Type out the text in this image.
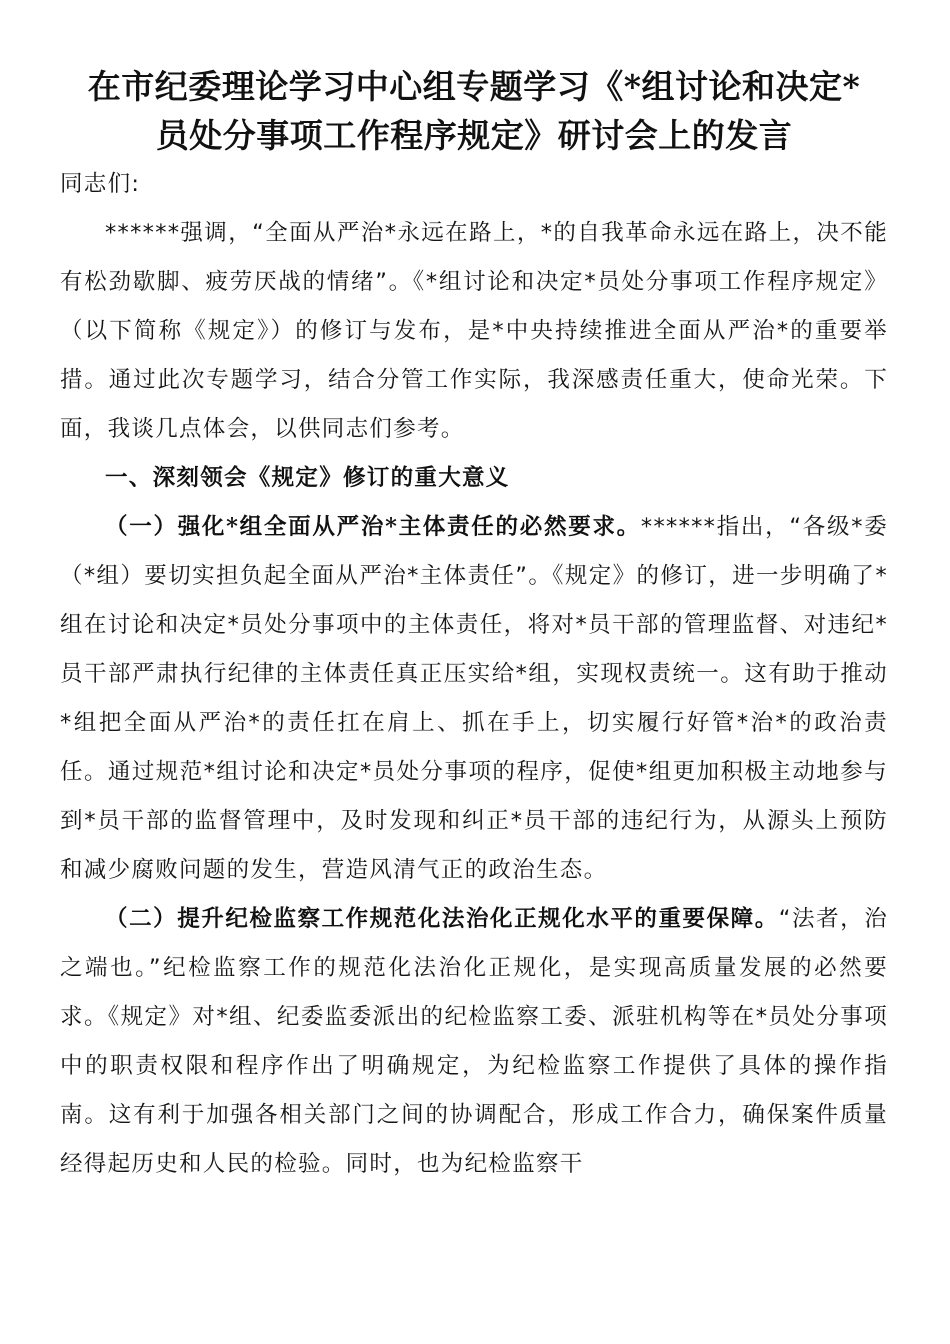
在市纪委理论学习中心组专题学习《*组讨论和决定*
员处分事项工作程序规定》研讨会上的发言

同志们:

******强调，“全面从严治*永远在路上，*的自我革命永远在路上，决不能有松劲歇脚、疲劳厌战的情绪”。《*组讨论和决定*员处分事项工作程序规定》（以下简称《规定》）的修订与发布，是*中央持续推进全面从严治*的重要举措。通过此次专题学习，结合分管工作实际，我深感责任重大，使命光荣。下面，我谈几点体会，以供同志们参考。

一、深刻领会《规定》修订的重大意义

（一）强化*组全面从严治*主体责任的必然要求。******指出，“各级*委（*组）要切实担负起全面从严治*主体责任”。《规定》的修订，进一步明确了*组在讨论和决定*员处分事项中的主体责任，将对*员干部的管理监督、对违纪*员干部严肃执行纪律的主体责任真正压实给*组，实现权责统一。这有助于推动*组把全面从严治*的责任扛在肩上、抓在手上，切实履行好管*治*的政治责任。通过规范*组讨论和决定*员处分事项的程序，促使*组更加积极主动地参与到*员干部的监督管理中，及时发现和纠正*员干部的违纪行为，从源头上预防和减少腐败问题的发生，营造风清气正的政治生态。

（二）提升纪检监察工作规范化法治化正规化水平的重要保障。“法者，治之端也。”纪检监察工作的规范化法治化正规化，是实现高质量发展的必然要求。《规定》对*组、纪委监委派出的纪检监察工委、派驻机构等在*员处分事项中的职责权限和程序作出了明确规定，为纪检监察工作提供了具体的操作指南。这有利于加强各相关部门之间的协调配合，形成工作合力，确保案件质量经得起历史和人民的检验。同时，也为纪检监察干
